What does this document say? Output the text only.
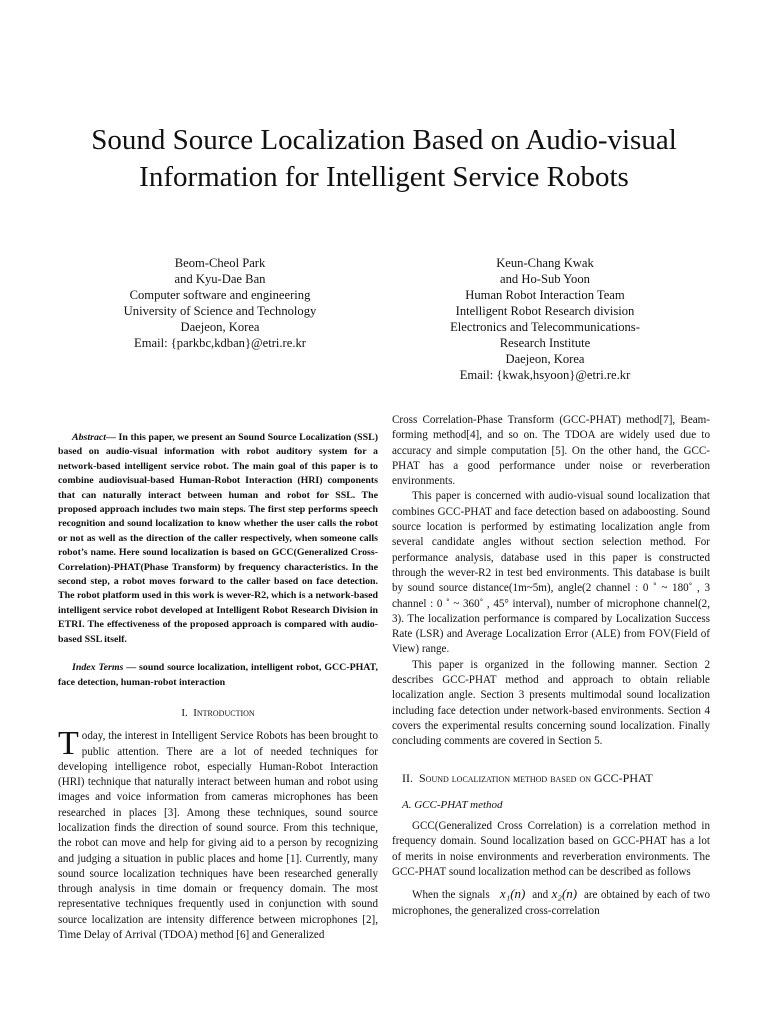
Sound Source Localization Based on Audio-visual Information for Intelligent Service Robots
Beom-Cheol Park
and Kyu-Dae Ban
Computer software and engineering
University of Science and Technology
Daejeon, Korea
Email: {parkbc,kdban}@etri.re.kr
Keun-Chang Kwak
and Ho-Sub Yoon
Human Robot Interaction Team
Intelligent Robot Research division
Electronics and Telecommunications-
Research Institute
Daejeon, Korea
Email: {kwak,hsyoon}@etri.re.kr

Abstract— In this paper, we present an Sound Source Localization (SSL) based on audio-visual information with robot auditory system for a network-based intelligent service robot. The main goal of this paper is to combine audiovisual-based Human-Robot Interaction (HRI) components that can naturally interact between human and robot for SSL. The proposed approach includes two main steps. The first step performs speech recognition and sound localization to know whether the user calls the robot or not as well as the direction of the caller respectively, when someone calls robot’s name. Here sound localization is based on GCC(Generalized Cross-Correlation)-PHAT(Phase Transform) by frequency characteristics. In the second step, a robot moves forward to the caller based on face detection. The robot platform used in this work is wever-R2, which is a network-based intelligent service robot developed at Intelligent Robot Research Division in ETRI. The effectiveness of the proposed approach is compared with audio-based SSL itself.

Index Terms — sound source localization, intelligent robot, GCC-PHAT, face detection, human-robot interaction

I. Introduction

Today, the interest in Intelligent Service Robots has been brought to public attention. There are a lot of needed techniques for developing intelligence robot, especially Human-Robot Interaction (HRI) technique that naturally interact between human and robot using images and voice information from cameras microphones has been researched in places [3]. Among these techniques, sound source localization finds the direction of sound source. From this technique, the robot can move and help for giving aid to a person by recognizing and judging a situation in public places and home [1]. Currently, many sound source localization techniques have been researched generally through analysis in time domain or frequency domain. The most representative techniques frequently used in conjunction with sound source localization are intensity difference between microphones [2], Time Delay of Arrival (TDOA) method [6] and Generalized

Cross Correlation-Phase Transform (GCC-PHAT) method[7], Beam-forming method[4], and so on. The TDOA are widely used due to accuracy and simple computation [5]. On the other hand, the GCC-PHAT has a good performance under noise or reverberation environments.

This paper is concerned with audio-visual sound localization that combines GCC-PHAT and face detection based on adaboosting. Sound source location is performed by estimating localization angle from several candidate angles without section selection method. For performance analysis, database used in this paper is constructed through the wever-R2 in test bed environments. This database is built by sound source distance(1m~5m), angle(2 channel : 0 ˚ ~ 180˚ , 3 channel : 0 ˚ ~ 360˚ , 45° interval), number of microphone channel(2, 3). The localization performance is compared by Localization Success Rate (LSR) and Average Localization Error (ALE) from FOV(Field of View) range.

This paper is organized in the following manner. Section 2 describes GCC-PHAT method and approach to obtain reliable localization angle. Section 3 presents multimodal sound localization including face detection under network-based environments. Section 4 covers the experimental results concerning sound localization. Finally concluding comments are covered in Section 5.

II. Sound localization method based on GCC-PHAT
A. GCC-PHAT method

GCC(Generalized Cross Correlation) is a correlation method in frequency domain. Sound localization based on GCC-PHAT has a lot of merits in noise environments and reverberation environments. The GCC-PHAT sound localization method can be described as follows

When the signals x₁(n) and x₂(n) are obtained by each of two microphones, the generalized cross-correlation
